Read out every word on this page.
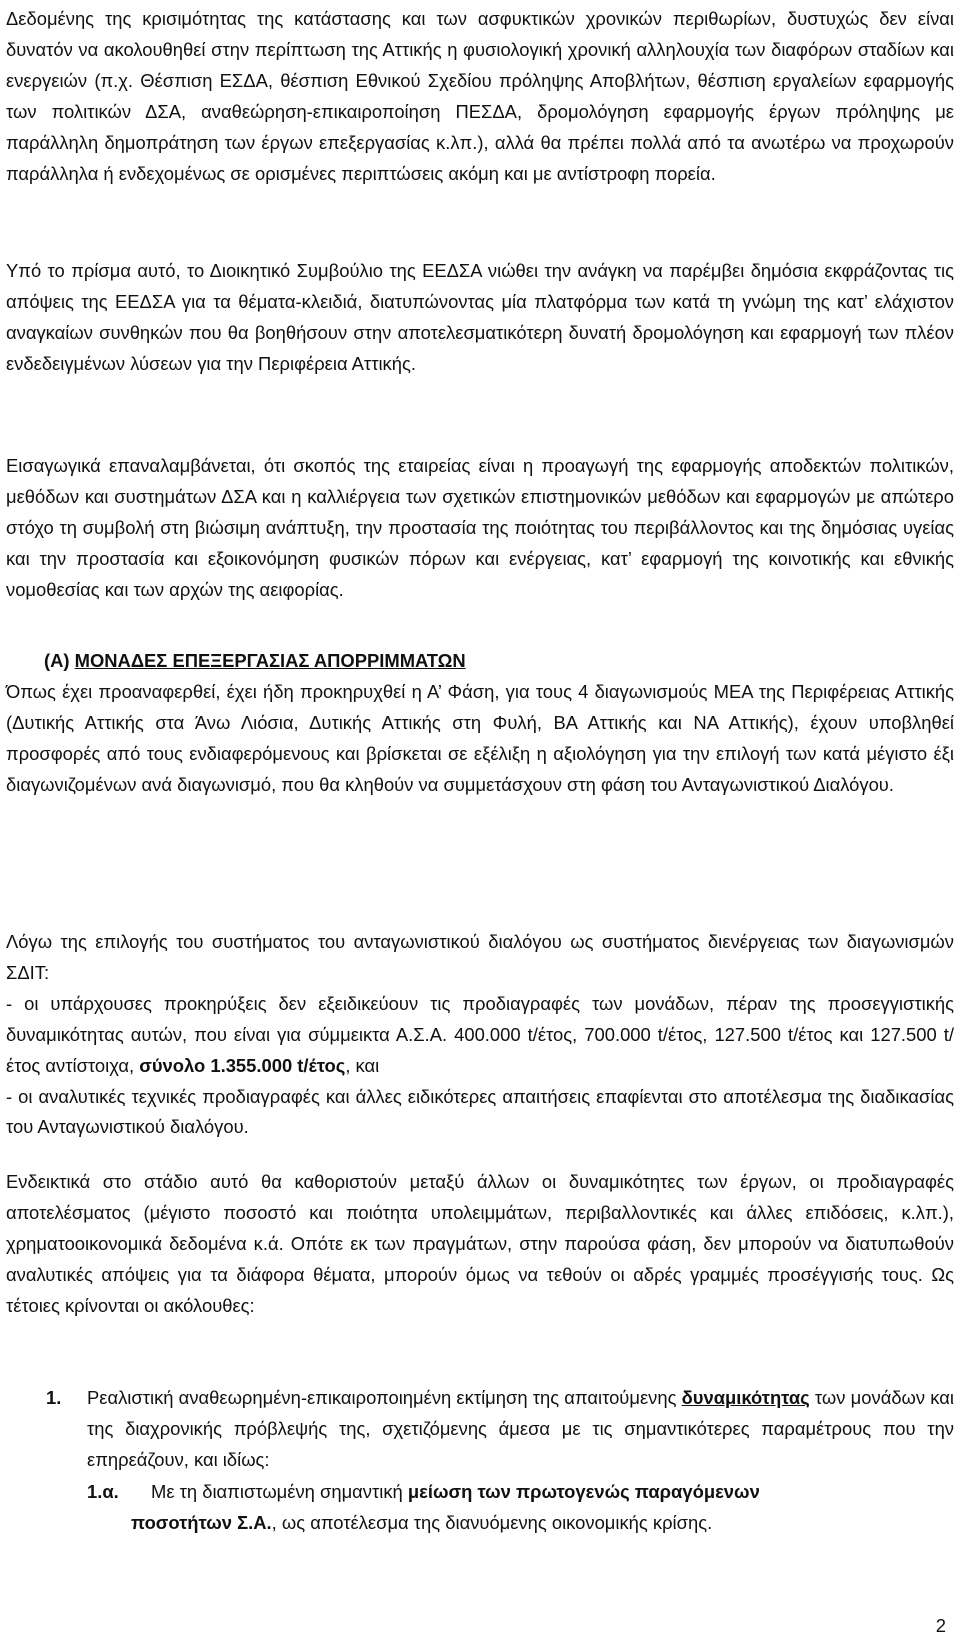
Δεδομένης της κρισιμότητας της κατάστασης και των ασφυκτικών χρονικών περιθωρίων, δυστυχώς δεν είναι δυνατόν να ακολουθηθεί στην περίπτωση της Αττικής η φυσιολογική χρονική αλληλουχία των διαφόρων σταδίων και ενεργειών (π.χ. Θέσπιση ΕΣΔΑ, θέσπιση Εθνικού Σχεδίου πρόληψης Αποβλήτων, θέσπιση εργαλείων εφαρμογής των πολιτικών ΔΣΑ, αναθεώρηση-επικαιροποίηση ΠΕΣΔΑ, δρομολόγηση εφαρμογής έργων πρόληψης με παράλληλη δημοπράτηση των έργων επεξεργασίας κ.λπ.), αλλά θα πρέπει πολλά από τα ανωτέρω να προχωρούν παράλληλα ή ενδεχομένως σε ορισμένες περιπτώσεις ακόμη και με αντίστροφη πορεία.

Υπό το πρίσμα αυτό, το Διοικητικό Συμβούλιο της ΕΕΔΣΑ νιώθει την ανάγκη να παρέμβει δημόσια εκφράζοντας τις απόψεις της ΕΕΔΣΑ για τα θέματα-κλειδιά, διατυπώνοντας μία πλατφόρμα των κατά τη γνώμη της κατ’ ελάχιστον αναγκαίων συνθηκών που θα βοηθήσουν στην αποτελεσματικότερη δυνατή δρομολόγηση και εφαρμογή των πλέον ενδεδειγμένων λύσεων για την Περιφέρεια Αττικής.

Εισαγωγικά επαναλαμβάνεται, ότι σκοπός της εταιρείας είναι η προαγωγή της εφαρμογής αποδεκτών πολιτικών, μεθόδων και συστημάτων ΔΣΑ και η καλλιέργεια των σχετικών επιστημονικών μεθόδων και εφαρμογών με απώτερο στόχο τη συμβολή στη βιώσιμη ανάπτυξη, την προστασία της ποιότητας του περιβάλλοντος και της δημόσιας υγείας και την προστασία και εξοικονόμηση φυσικών πόρων και ενέργειας, κατ’ εφαρμογή της κοινοτικής και εθνικής νομοθεσίας και των αρχών της αειφορίας.

(Α) ΜΟΝΑΔΕΣ ΕΠΕΞΕΡΓΑΣΙΑΣ ΑΠΟΡΡΙΜΜΑΤΩΝ
Όπως έχει προαναφερθεί, έχει ήδη προκηρυχθεί η Α’ Φάση, για τους 4 διαγωνισμούς ΜΕΑ της Περιφέρειας Αττικής (Δυτικής Αττικής στα Άνω Λιόσια, Δυτικής Αττικής στη Φυλή, ΒΑ Αττικής και ΝΑ Αττικής), έχουν υποβληθεί προσφορές από τους ενδιαφερόμενους και βρίσκεται σε εξέλιξη η αξιολόγηση για την επιλογή των κατά μέγιστο έξι διαγωνιζομένων ανά διαγωνισμό, που θα κληθούν να συμμετάσχουν στη φάση του Ανταγωνιστικού Διαλόγου.
Λόγω της επιλογής του συστήματος του ανταγωνιστικού διαλόγου ως συστήματος διενέργειας των διαγωνισμών ΣΔΙΤ:
- οι υπάρχουσες προκηρύξεις δεν εξειδικεύουν τις προδιαγραφές των μονάδων, πέραν της προσεγγιστικής δυναμικότητας αυτών, που είναι για σύμμεικτα Α.Σ.Α. 400.000 t/έτος, 700.000 t/έτος, 127.500 t/έτος και 127.500 t/έτος αντίστοιχα, σύνολο 1.355.000 t/έτος, και
- οι αναλυτικές τεχνικές προδιαγραφές και άλλες ειδικότερες απαιτήσεις επαφίενται στο αποτέλεσμα της διαδικασίας του Ανταγωνιστικού διαλόγου.

Ενδεικτικά στο στάδιο αυτό θα καθοριστούν μεταξύ άλλων οι δυναμικότητες των έργων, οι προδιαγραφές αποτελέσματος (μέγιστο ποσοστό και ποιότητα υπολειμμάτων, περιβαλλοντικές και άλλες επιδόσεις, κ.λπ.), χρηματοοικονομικά δεδομένα κ.ά. Οπότε εκ των πραγμάτων, στην παρούσα φάση, δεν μπορούν να διατυπωθούν αναλυτικές απόψεις για τα διάφορα θέματα, μπορούν όμως να τεθούν οι αδρές γραμμές προσέγγισής τους. Ως τέτοιες κρίνονται οι ακόλουθες:

1. Ρεαλιστική αναθεωρημένη-επικαιροποιημένη εκτίμηση της απαιτούμενης δυναμικότητας των μονάδων και της διαχρονικής πρόβλεψής της, σχετιζόμενης άμεσα με τις σημαντικότερες παραμέτρους που την επηρεάζουν, και ιδίως:

1.α. Με τη διαπιστωμένη σημαντική μείωση των πρωτογενώς παραγόμενων

ποσοτήτων Σ.Α., ως αποτέλεσμα της διανυόμενης οικονομικής κρίσης.

2
